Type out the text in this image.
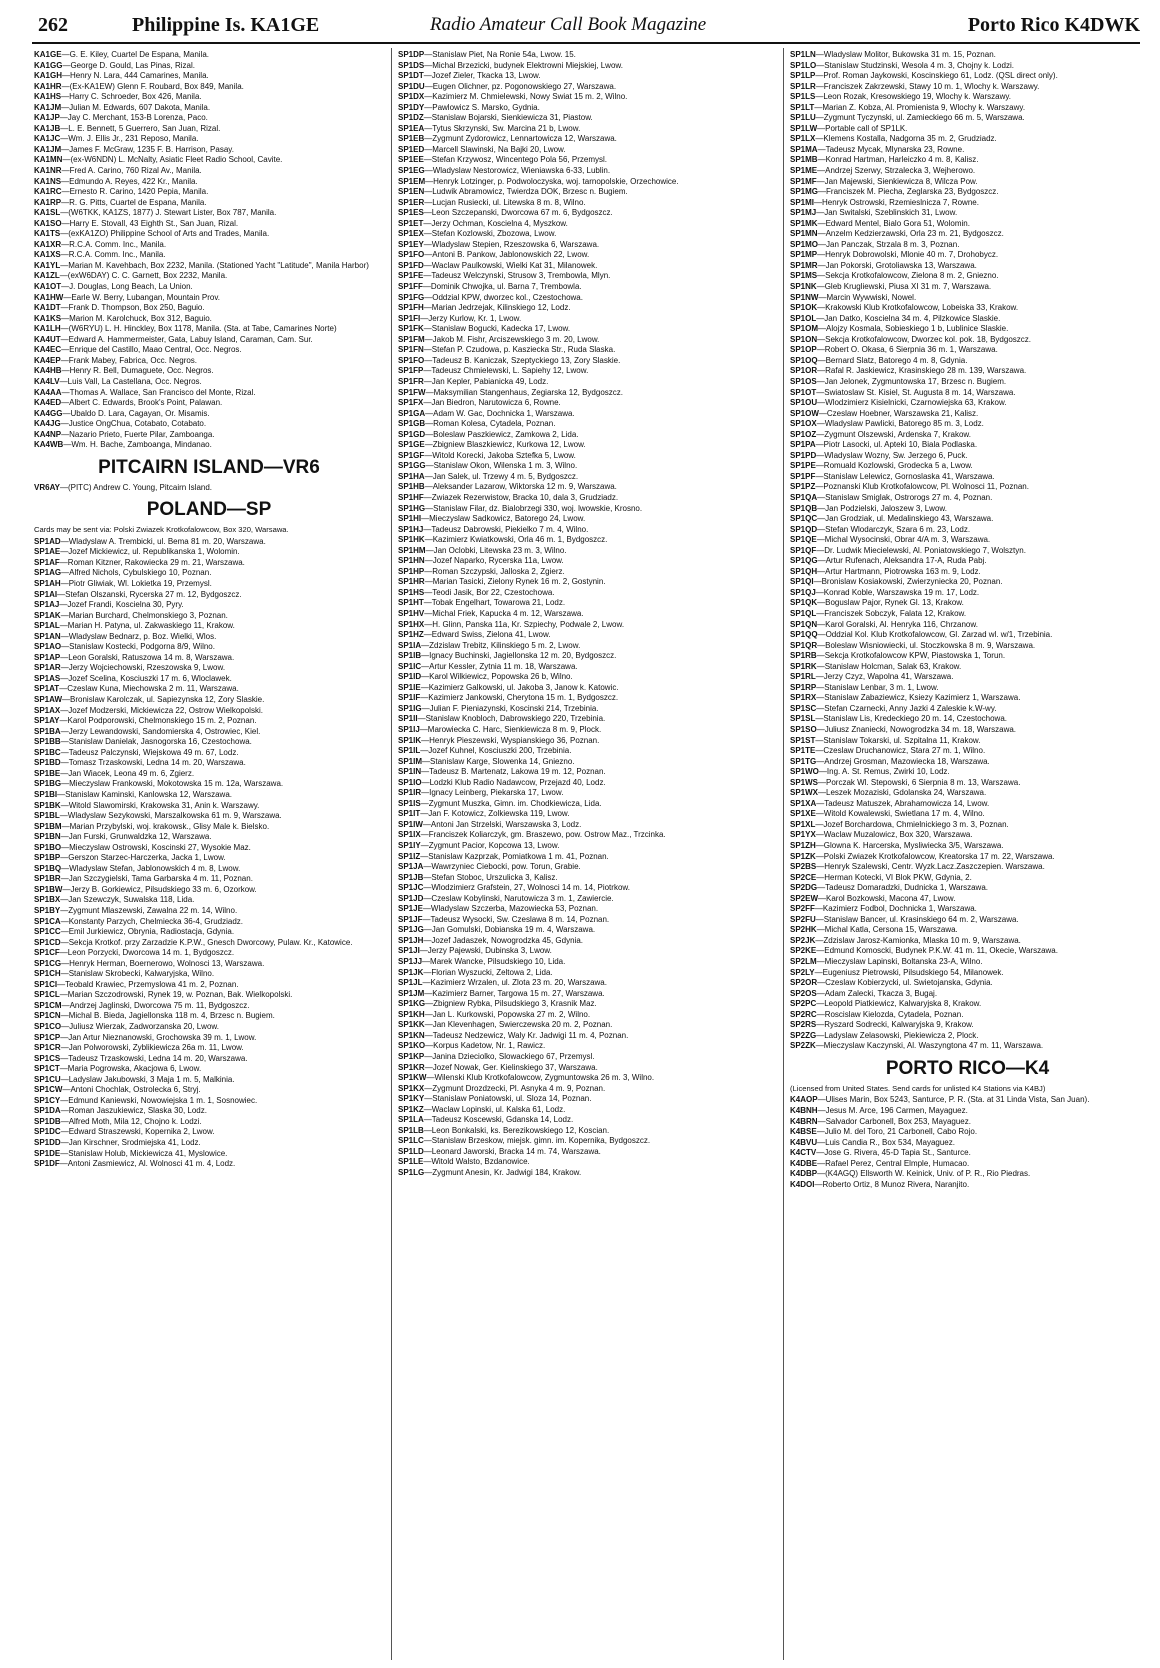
262	Philippine Is. KA1GE	Radio Amateur Call Book Magazine	Porto Rico K4DWK
KA1GE—G. E. Kiley, Cuartel De Espana, Manila.
KA1GG—George D. Gould, Las Pinas, Rizal.
KA1GH—Henry N. Lara, 444 Camarines, Manila.
KA1HR—(Ex-KA1EW) Glenn F. Roubard, Box 849, Manila.
KA1HS—Harry C. Schroeder, Box 426, Manila.
KA1JM—Julian M. Edwards, 607 Dakota, Manila.
KA1JP—Jay C. Merchant, 153-B Lorenza, Paco.
KA1JB—L. E. Bennett, 5 Guerrero, San Juan, Rizal.
KA1JC—Wm. J. Ellis Jr., 231 Reposo, Manila.
KA1JM—James F. McGraw, 1235 F. B. Harrison, Pasay.
KA1MN—(ex-W6NDN) L. McNalty, Asiatic Fleet Radio School, Cavite.
KA1NR—Fred A. Carino, 760 Rizal Av., Manila.
KA1NS—Edmundo A. Reyes, 422 Kr., Manila.
KA1RC—Ernesto R. Carino, 1420 Pepia, Manila.
KA1RP—R. G. Pitts, Cuartel de Espana, Manila.
KA1SL—(W6TKK, KA1ZS, 1877) J. Stewart Lister, Box 787, Manila.
KA1SO—Harry E. Stovall, 43 Eighth St., San Juan, Rizal.
KA1TS—(exKA1ZO) Philippine School of Arts and Trades, Manila.
KA1XR—R.C.A. Comm. Inc., Manila.
KA1XS—R.C.A. Comm. Inc., Manila.
KA1YL—Marian M. Kavehbach, Box 2232, Manila. (Stationed Yacht "Latitude", Manila Harbor)
KA1ZL—(exW6DAY) C. C. Garnett, Box 2232, Manila.
KA1OT—J. Douglas, Long Beach, La Union.
KA1HW—Earle W. Berry, Lubangan, Mountain Prov.
KA1DT—Frank D. Thompson, Box 250, Baguio.
KA1KS—Marion M. Karolchuck, Box 312, Baguio.
KA1LH—(W6RYU) L. H. Hinckley, Box 1178, Manila. (Sta. at Tabe, Camarines Norte)
KA4UT—Edward A. Hammermeister, Gata, Labuy Island, Caraman, Cam. Sur.
KA4EC—Enrique del Castillo, Maao Central, Occ. Negros.
KA4EP—Frank Mabey, Fabrica, Occ. Negros.
KA4HB—Henry R. Bell, Dumaguete, Occ. Negros.
KA4LV—Luis Vall, La Castellana, Occ. Negros.
KA4AA—Thomas A. Wallace, San Francisco del Monte, Rizal.
KA4ED—Albert C. Edwards, Brook's Point, Palawan.
KA4GG—Ubaldo D. Lara, Cagayan, Or. Misamis.
KA4JG—Justice OngChua, Cotabato, Cotabato.
KA4NP—Nazario Prieto, Fuerte Pilar, Zamboanga.
KA4WB—Wm. H. Bache, Zamboanga, Mindanao.
PITCAIRN ISLAND—VR6
VR6AY—(PITC) Andrew C. Young, Pitcairn Island.
POLAND—SP
Cards may be sent via: Polski Zwiazek Krotkofalowcow, Box 320, Warsawa.
SP1AD—Wladyslaw A. Trembicki, ul. Bema 81 m. 20, Warszawa.
SP1AE—Jozef Mickiewicz, ul. Republikanska 1, Wolomin.
SP1AF—Roman Kitzner, Rakowiecka 29 m. 21, Warszawa.
SP1AG—Alfred Nichols, Cybulskiego 10, Poznan.
SP1AH—Piotr Gliwiak, Wl. Lokietka 19, Przemysl.
SP1AI—Stefan Olszanski, Rycerska 27 m. 12, Bydgoszcz.
SP1AJ—Jozef Frandi, Koscielna 30, Pyry.
SP1AK—Marian Burchard, Chelmonskiego 3, Poznan.
SP1AL—Marian H. Patyna, ul. Zakwaskiego 11, Krakow.
SP1AN—Wladyslaw Bednarz, p. Boz. Wielki, Wlos.
SP1AO—Stanislaw Kostecki, Podgorna 8/9, Wilno.
SP1AP—Leon Goralski, Ratuszowa 14 m. 8, Warszawa.
SP1AR—Jerzy Wojciechowski, Rzeszowska 9, Lwow.
SP1AS—Jozef Scelina, Kosciuszki 17 m. 6, Wloclawek.
SP1AT—Czeslaw Kuna, Miechowska 2 m. 11, Warszawa.
SP1AW—Bronislaw Karolczak, ul. Sapiezynska 12, Zory Slaskie.
SP1AX—Jozef Modzerski, Mickiewicza 22, Ostrow Wielkopolski.
SP1AY—Karol Podporowski, Chelmonskiego 15 m. 2, Poznan.
SP1BA—Jerzy Lewandowski, Sandomierska 4, Ostrowiec, Kiel.
SP1BB—Stanislaw Danielak, Jasnogorska 16, Czestochowa.
SP1BC—Tadeusz Palczynski, Wiejskowa 49 m. 67, Lodz.
SP1BD—Tomasz Trzaskowski, Ledna 14 m. 20, Warszawa.
SP1BE—Jan Wiacek, Leona 49 m. 6, Zgierz.
SP1BG—Mieczyslaw Frankowski, Mokotowska 15 m. 12a, Warszawa.
SP1BI—Stanislaw Kaminski, Kanlowska 12, Warszawa.
SP1BK—Witold Slawomirski, Krakowska 31, Anin k. Warszawy.
SP1BL—Wladyslaw Sezykowski, Marszalkowska 61 m. 9, Warszawa.
SP1BM—Marian Przybylski, woj. krakowsk., Glisy Male k. Bielsko.
SP1BN—Jan Furski, Grunwaldzka 12, Warszawa.
SP1BO—Mieczyslaw Ostrowski, Koscinski 27, Wysokie Maz.
SP1BP—Gerszon Starzec-Harczerka, Jacka 1, Lwow.
SP1BQ—Wladyslaw Stefan, Jablonowskich 4 m. 8, Lwow.
SP1BR—Jan Szczygielski, Tama Garbarska 4 m. 11, Poznan.
SP1BW—Jerzy B. Gorkiewicz, Pilsudskiego 33 m. 6, Ozorkow.
SP1BX—Jan Szewczyk, Suwalska 118, Lida.
SP1BY—Zygmunt Mlaszewski, Zawalna 22 m. 14, Wilno.
SP1CA—Konstanty Parzych, Chelmiecka 36-4, Grudziadz.
SP1CC—Emil Jurkiewicz, Obrynia, Radiostacja, Gdynia.
SP1CD—Sekcja Krotkof. przy Zarzadzie K.P.W., Gnesch Dworcowy, Pulaw. Kr., Katowice.
SP1CF—Leon Porzycki, Dworcowa 14 m. 1, Bydgoszcz.
SP1CG—Henryk Herman, Boernerowo, Wolnosci 13, Warszawa.
SP1CH—Stanislaw Skrobecki, Kalwaryjska, Wilno.
SP1CI—Teobald Krawiec, Przemyslowa 41 m. 2, Poznan.
SP1CL—Marian Szczodrowski, Rynek 19, w. Poznan, Bak. Wielkopolski.
SP1CM—Andrzej Jaglinski, Dworcowa 75 m. 11, Bydgoszcz.
SP1CN—Michal B. Bieda, Jagiellonska 118 m. 4, Brzesc n. Bugiem.
SP1CO—Juliusz Wierzak, Zadworzanska 20, Lwow.
SP1CP—Jan Artur Nieznanowski, Grochowska 39 m. 1, Lwow.
SP1CR—Jan Polworowski, Zyblikiewicza 26a m. 11, Lwow.
SP1CS—Tadeusz Trzaskowski, Ledna 14 m. 20, Warszawa.
SP1CT—Maria Pogrowska, Akacjowa 6, Lwow.
SP1CU—Ladyslaw Jakubowski, 3 Maja 1 m. 5, Malkinia.
SP1CW—Antoni Chochlak, Ostrolecka 6, Stryj.
SP1CY—Edmund Kaniewski, Nowowiejska 1 m. 1, Sosnowiec.
SP1DA—Roman Jaszukiewicz, Slaska 30, Lodz.
SP1DB—Alfred Moth, Mila 12, Chojno k. Lodzi.
SP1DC—Edward Straszewski, Kopernika 2, Lwow.
SP1DD—Jan Kirschner, Srodmiejska 41, Lodz.
SP1DE—Stanislaw Holub, Mickiewicza 41, Myslowice.
SP1DF—Antoni Zasmiewicz, Al. Wolnosci 41 m. 4, Lodz.
SP1DP—Stanislaw Piet, Na Ronie 54a, Lwow. 15.
SP1DS—Michal Brzezicki, budynek Elektrowni Miejskiej, Lwow.
SP1DT—Jozef Zieler, Tkacka 13, Lwow.
SP1DU—Eugen Olichner, pz. Pogonowskiego 27, Warszawa.
SP1DX—Kazimierz M. Chmielewski, Nowy Swiat 15 m. 2, Wilno.
SP1DY—Pawlowicz S. Marsko, Gydnia.
SP1DZ—Stanislaw Bojarski, Sienkiewicza 31, Piastow.
SP1EA—Tytus Skrzynski, Sw. Marcina 21 b, Lwow.
SP1EB—Zygmunt Zydorowicz, Lennartowicza 12, Warszawa.
SP1ED—Marcell Slawinski, Na Bajki 20, Lwow.
SP1EE—Stefan Krzywosz, Wincentego Pola 56, Przemysl.
SP1EG—Wladyslaw Nestorowicz, Wieniawska 6-33, Lublin.
SP1EM—Henryk Lotzinger, p. Podwoloczyska, woj. tarnopolskie, Orzechowice.
SP1EN—Ludwik Abramowicz, Twierdza DOK, Brzesc n. Bugiem.
SP1ER—Lucjan Rusiecki, ul. Litewska 8 m. 8, Wilno.
SP1ES—Leon Szczepanski, Dworcowa 67 m. 6, Bydgoszcz.
SP1ET—Jerzy Ochman, Koscielna 4, Myszkow.
SP1EX—Stefan Kozlowski, Zbozowa, Lwow.
SP1EY—Wladyslaw Stepien, Rzeszowska 6, Warszawa.
SP1FO—Antoni B. Pankow, Jablonowskich 22, Lwow.
SP1FD—Waclaw Paulkowski, Wielki Kat 31, Milanowek.
SP1FE—Tadeusz Welczynski, Strusow 3, Trembowla, Mlyn.
SP1FF—Dominik Chwojka, ul. Barna 7, Trembowla.
SP1FG—Oddzial KPW, dworzec kol., Czestochowa.
SP1FH—Marian Jedrzejak, Kilinskiego 12, Lodz.
SP1FI—Jerzy Kurlow, Kr. 1, Lwow.
SP1FK—Stanislaw Bogucki, Kadecka 17, Lwow.
SP1FM—Jakob M. Fishr, Arciszewskiego 3 m. 20, Lwow.
SP1FN—Stefan P. Czudowa, p. Kasziecka Str., Ruda Slaska.
SP1FO—Tadeusz B. Kaniczak, Szeptyckiego 13, Zory Slaskie.
SP1FP—Tadeusz Chmielewski, L. Sapiehy 12, Lwow.
SP1FR—Jan Kepler, Pabianicka 49, Lodz.
SP1FW—Maksymilian Stangenhaus, Zegiarska 12, Bydgoszcz.
SP1FX—Jan Biedron, Narutowicza 6, Rowne.
SP1GA—Adam W. Gac, Dochnicka 1, Warszawa.
SP1GB—Roman Kolesa, Cytadela, Poznan.
SP1GD—Boleslaw Paszkiewicz, Zamkowa 2, Lida.
SP1GE—Zbigniew Blaszkiewicz, Kurkowa 12, Lwow.
SP1GF—Witold Korecki, Jakoba Sztefka 5, Lwow.
SP1GG—Stanislaw Okon, Wilenska 1 m. 3, Wilno.
SP1HA—Jan Salek, ul. Trzewy 4 m. 5, Bydgoszcz.
SP1HB—Aleksander Lazarow, Wiktorska 12 m. 9, Warszawa.
SP1HF—Zwiazek Rezerwistow, Bracka 10, dala 3, Grudziadz.
SP1HG—Stanislaw Filar, dz. Bialobrzegi 330, woj. lwowskie, Krosno.
SP1HI—Mieczyslaw Sadkowicz, Batorego 24, Lwow.
SP1HJ—Tadeusz Dabrowski, Piekielko 7 m. 4, Wilno.
SP1HK—Kazimierz Kwiatkowski, Orla 46 m. 1, Bydgoszcz.
SP1HM—Jan Oclobki, Litewska 23 m. 3, Wilno.
SP1HN—Jozef Naparko, Rycerska 11a, Lwow.
SP1HP—Roman Szczypski, Jalloska 2, Zgierz.
SP1HR—Marian Tasicki, Zielony Rynek 16 m. 2, Gostynin.
SP1HS—Teodi Jasik, Bor 22, Czestochowa.
SP1HT—Tobak Engelhart, Towarowa 21, Lodz.
SP1HV—Michal Friek, Kapucka 4 m. 12, Warszawa.
SP1HX—H. Glinn, Panska 11a, Kr. Szpiechy, Podwale 2, Lwow.
SP1HZ—Edward Swiss, Zielona 41, Lwow.
SP1IA—Zdzislaw Trebitz, Kilinskiego 5 m. 2, Lwow.
SP1IB—Ignacy Buchinski, Jagiellonska 12 m. 20, Bydgoszcz.
SP1IC—Artur Kessler, Zytnia 11 m. 18, Warszawa.
SP1ID—Karol Wilkiewicz, Popowska 26 b, Wilno.
SP1IE—Kazimierz Galkowski, ul. Jakoba 3, Janow k. Katowic.
SP1IF—Kazimierz Jankowski, Cherytona 15 m. 1, Bydgoszcz.
SP1IG—Julian F. Pieniazynski, Koscinski 214, Trzebinia.
SP1II—Stanislaw Knobloch, Dabrowskiego 220, Trzebinia.
SP1IJ—Marowiecka C. Harc, Sienkiewicza 8 m. 9, Plock.
SP1IK—Henryk Pieszewski, Wyspianskiego 36, Poznan.
SP1IL—Jozef Kuhnel, Kosciuszki 200, Trzebinia.
SP1IM—Stanislaw Karge, Slowenka 14, Gniezno.
SP1IN—Tadeusz B. Martenatz, Lakowa 19 m. 12, Poznan.
SP1IO—Lodzki Klub Radio Nadawcow, Przejazd 40, Lodz.
SP1IR—Ignacy Leinberg, Piekarska 17, Lwow.
SP1IS—Zygmunt Muszka, Gimn. im. Chodkiewicza, Lida.
SP1IT—Jan F. Kotowicz, Zolkiewska 119, Lwow.
SP1IW—Antoni Jan Strzelski, Warszawska 3, Lodz.
SP1IX—Franciszek Koliarczyk, gm. Braszewo, pow. Ostrow Maz., Trzcinka.
SP1IY—Zygmunt Pacior, Kopcowa 13, Lwow.
SP1IZ—Stanislaw Kazprzak, Pomiatkowa 1 m. 41, Poznan.
SP1JA—Wawrzyniec Ciebocki, pow. Torun, Grabie.
SP1JB—Stefan Stoboc, Urszulicka 3, Kalisz.
SP1JC—Wlodzimierz Grafstein, 27, Wolnosci 14 m. 14, Piotrkow.
SP1JD—Czeslaw Kobylinski, Narutowicza 3 m. 1, Zawiercie.
SP1JE—Wladyslaw Szczerba, Mazowiecka 53, Poznan.
SP1JF—Tadeusz Wysocki, Sw. Czeslawa 8 m. 14, Poznan.
SP1JG—Jan Gomulski, Dobianska 19 m. 4, Warszawa.
SP1JH—Jozef Jadaszek, Nowogrodzka 45, Gdynia.
SP1JI—Jerzy Pajewski, Dubinska 3, Lwow.
SP1JJ—Marek Wancke, Pilsudskiego 10, Lida.
SP1JK—Florian Wyszucki, Zeltowa 2, Lida.
SP1JL—Kazimierz Wrzalen, ul. Zlota 23 m. 20, Warszawa.
SP1JM—Kazimierz Barner, Targowa 15 m. 27, Warszawa.
SP1KG—Zbigniew Rybka, Pilsudskiego 3, Krasnik Maz.
SP1KH—Jan L. Kurkowski, Popowska 27 m. 2, Wilno.
SP1KK—Jan Klevenhagen, Swierczewska 20 m. 2, Poznan.
SP1KN—Tadeusz Nedzewicz, Waly Kr. Jadwigi 11 m. 4, Poznan.
SP1KO—Korpus Kadetow, Nr. 1, Rawicz.
SP1KP—Janina Dzieciolko, Slowackiego 67, Przemysl.
SP1KR—Jozef Nowak, Ger. Kielinskiego 37, Warszawa.
SP1KW—Wilenski Klub Krotkofalowcow, Zygmuntowska 26 m. 3, Wilno.
SP1KX—Zygmunt Drozdzecki, Pl. Asnyka 4 m. 9, Poznan.
SP1KY—Stanislaw Poniatowski, ul. Sloza 14, Poznan.
SP1KZ—Waclaw Lopinski, ul. Kalska 61, Lodz.
SP1LA—Tadeusz Koscewski, Gdanska 14, Lodz.
SP1LB—Leon Bonkalski, ks. Berezikowskiego 12, Koscian.
SP1LC—Stanislaw Brzeskow, miejsk. gimn. im. Kopernika, Bydgoszcz.
SP1LD—Leonard Jaworski, Bracka 14 m. 74, Warszawa.
SP1LE—Witold Walsto, Bzdanowice.
SP1LG—Zygmunt Anesin, Kr. Jadwigi 184, Krakow.
SP1LN—Wladyslaw Molitor, Bukowska 31 m. 15, Poznan.
SP1LO—Stanislaw Studzinski, Wesola 4 m. 3, Chojny k. Lodzi.
SP1LP—Prof. Roman Jaykowski, Koscinskiego 61, Lodz. (QSL direct only).
SP1LR—Franciszek Zakrzewski, Stawy 10 m. 1, Wlochy k. Warszawy.
SP1LS—Leon Rozak, Kresowskiego 19, Wlochy k. Warszawy.
SP1LT—Marian Z. Kobza, Al. Promienista 9, Wlochy k. Warszawy.
SP1LU—Zygmunt Tyczynski, ul. Zamieckiego 66 m. 5, Warszawa.
SP1LW—Portable call of SP1LK.
SP1LX—Klemens Kostalla, Nadgorna 35 m. 2, Grudziadz.
SP1MA—Tadeusz Mycak, Mlynarska 23, Rowne.
SP1MB—Konrad Hartman, Harleiczko 4 m. 8, Kalisz.
SP1ME—Andrzej Szerwy, Strzalecka 3, Wejherowo.
SP1MF—Jan Majewski, Sienkiewicza 8, Wilcza Pow.
SP1MG—Franciszek M. Piecha, Zeglarska 23, Bydgoszcz.
SP1MI—Henryk Ostrowski, Rzemieslnicza 7, Rowne.
SP1MJ—Jan Switalski, Szeblinskich 31, Lwow.
SP1MK—Edward Mentel, Bialo Gora 51, Wolomin.
SP1MN—Anzelm Kedzierzawski, Orla 23 m. 21, Bydgoszcz.
SP1MO—Jan Panczak, Strzala 8 m. 3, Poznan.
SP1MP—Henryk Dobrowolski, Mlonie 40 m. 7, Drohobycz.
SP1MR—Jan Pokorski, Grotoliawska 13, Warszawa.
SP1MS—Sekcja Krotkofalowcow, Zielona 8 m. 2, Gniezno.
SP1NK—Gleb Krugliewski, Piusa XI 31 m. 7, Warszawa.
SP1NW—Marcin Wywwiski, Nowel.
SP1OK—Krakowski Klub Krotkofalowcow, Lobeiska 33, Krakow.
SP1OL—Jan Datko, Koscielna 34 m. 4, Pilzkowice Slaskie.
SP1OM—Alojzy Kosmala, Sobieskiego 1 b, Lublinice Slaskie.
SP1ON—Sekcja Krotkofalowcow, Dworzec kol. pok. 18, Bydgoszcz.
SP1OP—Robert O. Okasa, 6 Sierpnia 36 m. 1, Warszawa.
SP1OQ—Bernard Slatz, Batorego 4 m. 8, Gdynia.
SP1OR—Rafal R. Jaskiewicz, Krasinskiego 28 m. 139, Warszawa.
SP1OS—Jan Jelonek, Zygmuntowska 17, Brzesc n. Bugiem.
SP1OT—Swiatoslaw St. Kisiel, St. Augusta 8 m. 14, Warszawa.
SP1OU—Wlodzimierz Kisielnicki, Czarnowiejska 63, Krakow.
SP1OW—Czeslaw Hoebner, Warszawska 21, Kalisz.
SP1OX—Wladyslaw Pawlicki, Batorego 85 m. 3, Lodz.
SP1OZ—Zygmunt Olszewski, Ardenska 7, Krakow.
SP1PA—Piotr Lasocki, ul. Apteki 10, Biala Podlaska.
SP1PD—Wladyslaw Wozny, Sw. Jerzego 6, Puck.
SP1PE—Romuald Kozlowski, Grodecka 5 a, Lwow.
SP1PF—Stanislaw Lelewicz, Gornoslaska 41, Warszawa.
SP1PZ—Poznanski Klub Krotkofalowcow, Pl. Wolnosci 11, Poznan.
SP1QA—Stanislaw Smiglak, Ostrorogs 27 m. 4, Poznan.
SP1QB—Jan Podzielski, Jaloszew 3, Lwow.
SP1QC—Jan Grodziak, ul. Medalinskiego 43, Warszawa.
SP1QD—Stefan Wlodarczyk, Szara 6 m. 23, Lodz.
SP1QE—Michal Wysocinski, Obrar 4/A m. 3, Warszawa.
SP1QF—Dr. Ludwik Miecielewski, Al. Poniatowskiego 7, Wolsztyn.
SP1QG—Artur Rufenach, Aleksandra 17-A, Ruda Pabj.
SP1QH—Artur Hartmann, Piotrowska 163 m. 9, Lodz.
SP1QI—Bronislaw Kosiakowski, Zwierzyniecka 20, Poznan.
SP1QJ—Konrad Koble, Warszawska 19 m. 17, Lodz.
SP1QK—Boguslaw Pajor, Rynek Gl. 13, Krakow.
SP1QL—Franciszek Sobczyk, Falata 12, Krakow.
SP1QN—Karol Goralski, Al. Henryka 116, Chrzanow.
SP1QQ—Oddzial Kol. Klub Krotkofalowcow, Gl. Zarzad wl. w/1, Trzebinia.
SP1QR—Boleslaw Wisniowiecki, ul. Stoczkowska 8 m. 9, Warszawa.
SP1RB—Sekcja Krotkofalowcow KPW, Piastowska 1, Torun.
SP1RK—Stanislaw Holcman, Salak 63, Krakow.
SP1RL—Jerzy Czyz, Wapolna 41, Warszawa.
SP1RP—Stanislaw Lenbar, 3 m. 1, Lwow.
SP1RX—Stanislaw Zabaziewicz, Ksiezy Kazimierz 1, Warszawa.
SP1SC—Stefan Czarnecki, Anny Jazki 4 Zaleskie k.W-wy.
SP1SL—Stanislaw Lis, Kredeckiego 20 m. 14, Czestochowa.
SP1SO—Juliusz Znaniecki, Nowogrodzka 34 m. 18, Warszawa.
SP1ST—Stanislaw Tokarski, ul. Szpitalna 11, Krakow.
SP1TE—Czeslaw Druchanowicz, Stara 27 m. 1, Wilno.
SP1TG—Andrzej Grosman, Mazowiecka 18, Warszawa.
SP1WO—Ing. A. St. Remus, Zwirki 10, Lodz.
SP1WS—Porczak Wl. Stepowski, 6 Sierpnia 8 m. 13, Warszawa.
SP1WX—Leszek Mozaziski, Gdolanska 24, Warszawa.
SP1XA—Tadeusz Matuszek, Abrahamowicza 14, Lwow.
SP1XE—Witold Kowalewski, Swietlana 17 m. 4, Wilno.
SP1XL—Jozef Borchardowa, Chmielnickiego 3 m. 3, Poznan.
SP1YX—Waclaw Muzalowicz, Box 320, Warszawa.
SP1ZH—Glowna K. Harcerska, Mysliwiecka 3/5, Warszawa.
SP1ZK—Polski Zwiazek Krotkofalowcow, Kreatorska 17 m. 22, Warszawa.
SP2BS—Henryk Szalewski, Centr. Wyzk.Lacz.Zaszczepien. Warszawa.
SP2CE—Herman Kotecki, VI Blok PKW, Gdynia, 2.
SP2DG—Tadeusz Domaradzki, Dudnicka 1, Warszawa.
SP2EW—Karol Bozkowski, Macona 47, Lwow.
SP2FF—Kazimierz Fodbol, Dochnicka 1, Warszawa.
SP2FU—Stanislaw Bancer, ul. Krasinskiego 64 m. 2, Warszawa.
SP2HK—Michal Katla, Cersona 15, Warszawa.
SP2JK—Zdzislaw Jarosz-Kamionka, Mlaska 10 m. 9, Warszawa.
SP2KE—Edmund Komoscki, Budynek P.K.W. 41 m. 11, Okecie, Warszawa.
SP2LM—Mieczyslaw Lapinski, Boltanska 23-A, Wilno.
SP2LY—Eugeniusz Pietrowski, Pilsudskiego 54, Milanowek.
SP2OR—Czeslaw Kobierzycki, ul. Swietojanska, Gdynia.
SP2OS—Adam Zalecki, Tkacza 3, Bugaj.
SP2PC—Leopold Piatkiewicz, Kalwaryjska 8, Krakow.
SP2RC—Roscislaw Kielozda, Cytadela, Poznan.
SP2RS—Ryszard Sodrecki, Kalwaryjska 9, Krakow.
SP2ZG—Ladyslaw Zelasowski, Piekiewicza 2, Plock.
SP2ZK—Mieczyslaw Kaczynski, Al. Waszyngtona 47 m. 11, Warszawa.
PORTO RICO—K4
(Licensed from United States. Send cards for unlisted K4 Stations via K4BJ)
K4AOP—Ulises Marin, Box 5243, Santurce, P. R. (Sta. at 31 Linda Vista, San Juan).
K4BNH—Jesus M. Arce, 196 Carmen, Mayaguez.
K4BRN—Salvador Carbonell, Box 253, Mayaguez.
K4BSE—Julio M. del Toro, 21 Carbonell, Cabo Rojo.
K4BVU—Luis Candia R., Box 534, Mayaguez.
K4CTV—Jose G. Rivera, 45-D Tapia St., Santurce.
K4DBE—Rafael Perez, Central Elmple, Humacao.
K4DBP—(K4AGQ) Ellsworth W. Keinick, Univ. of P. R., Rio Piedras.
K4DOI—Roberto Ortiz, 8 Munoz Rivera, Naranjito.
